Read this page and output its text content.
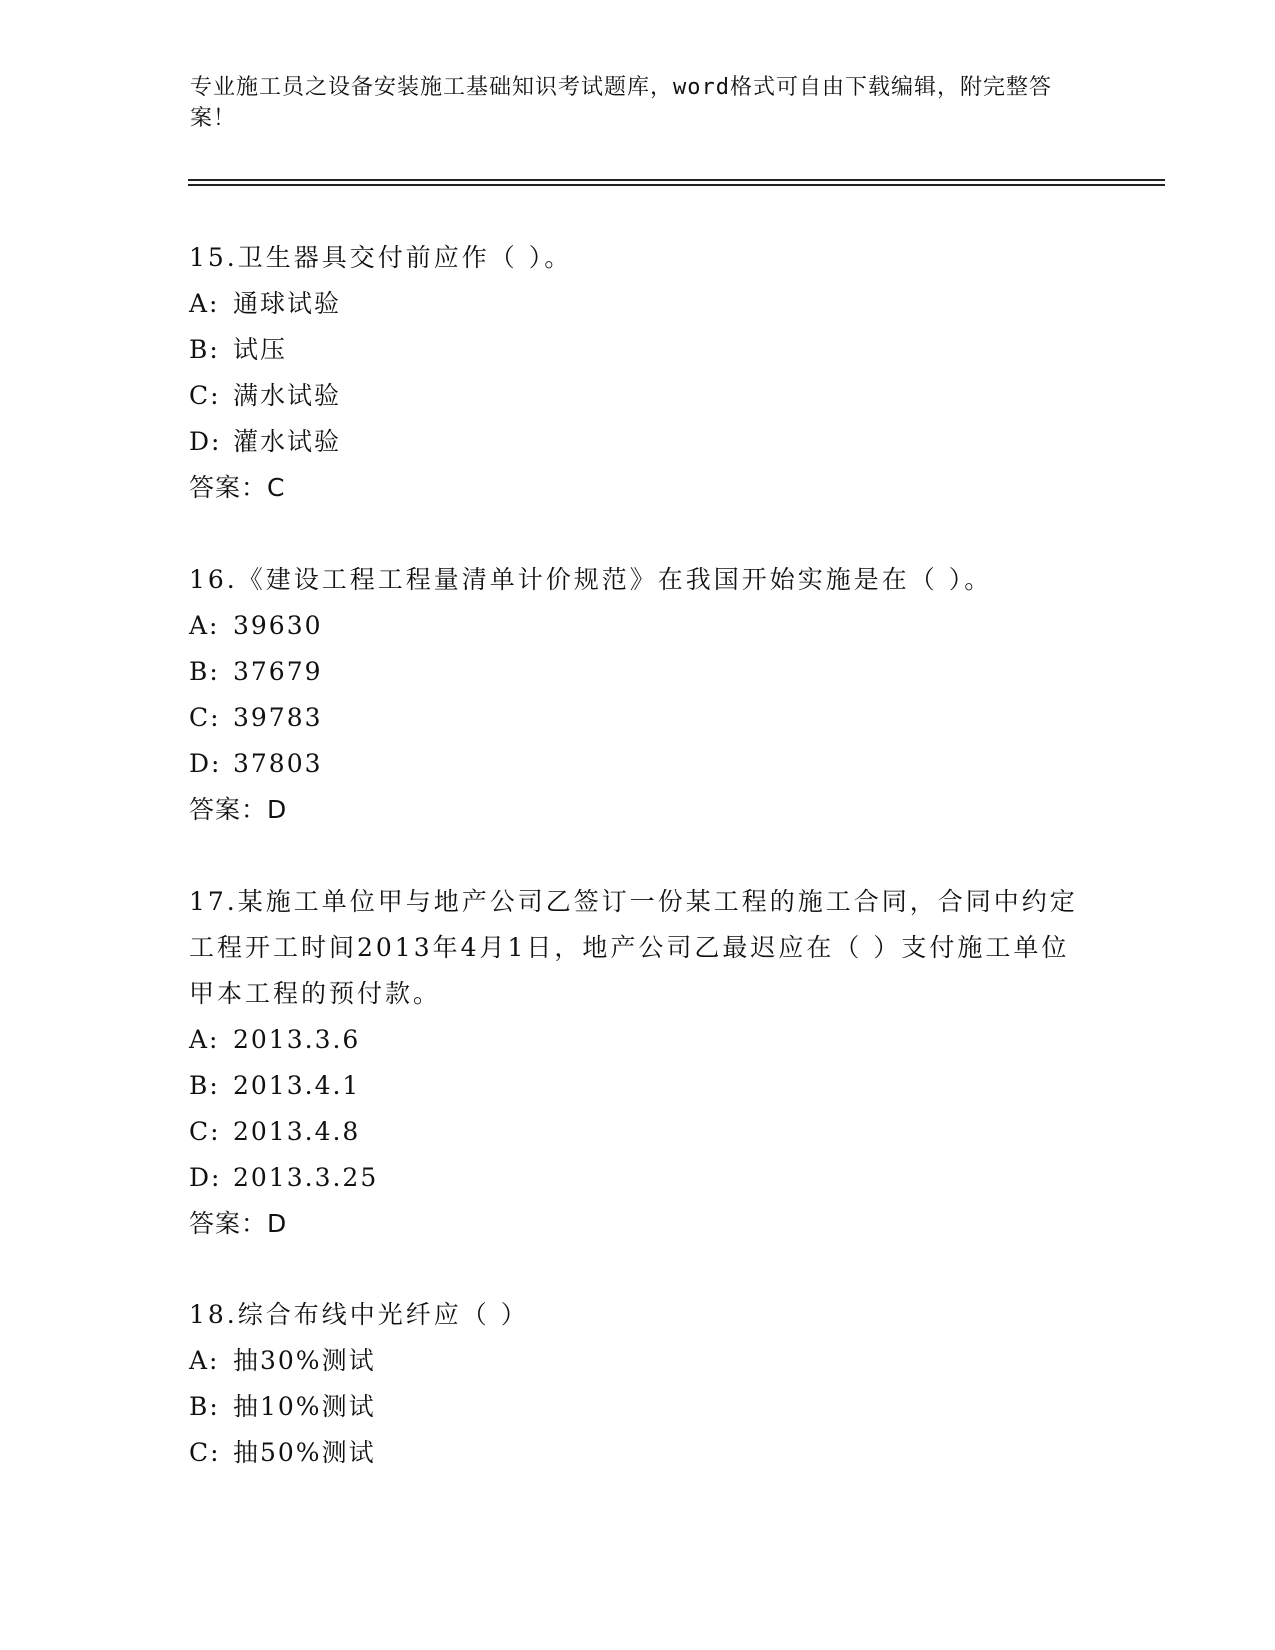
专业施工员之设备安装施工基础知识考试题库，word格式可自由下载编辑，附完整答案！

15.卫生器具交付前应作（ ）。

A: 通球试验

B: 试压

C: 满水试验

D: 灌水试验

答案：C

16.《建设工程工程量清单计价规范》在我国开始实施是在（ ）。

A: 39630

B: 37679

C: 39783

D: 37803

答案：D

17.某施工单位甲与地产公司乙签订一份某工程的施工合同，合同中约定工程开工时间2013年4月1日，地产公司乙最迟应在（ ）支付施工单位甲本工程的预付款。

A: 2013.3.6

B: 2013.4.1

C: 2013.4.8

D: 2013.3.25

答案：D

18.综合布线中光纤应（ ）

A: 抽30%测试

B: 抽10%测试

C: 抽50%测试
